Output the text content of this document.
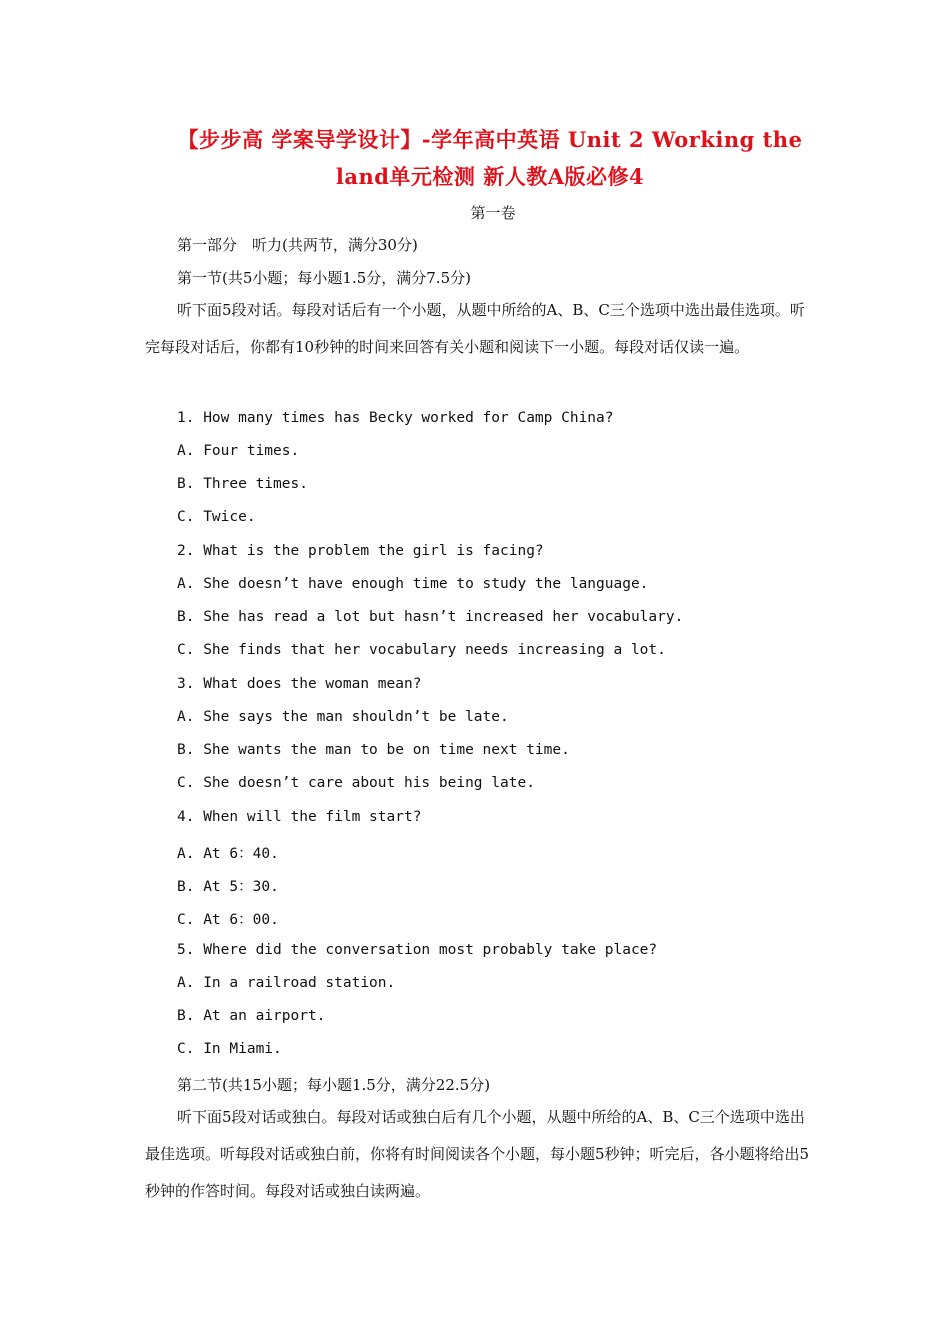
【步步高 学案导学设计】-学年高中英语 Unit 2 Working the
land单元检测 新人教A版必修4
第一卷
第一部分　听力(共两节，满分30分)
第一节(共5小题；每小题1.5分，满分7.5分)
听下面5段对话。每段对话后有一个小题，从题中所给的A、B、C三个选项中选出最佳选项。听完每段对话后，你都有10秒钟的时间来回答有关小题和阅读下一小题。每段对话仅读一遍。
1. How many times has Becky worked for Camp China?
A. Four times.
B. Three times.
C. Twice.
2. What is the problem the girl is facing?
A. She doesn’t have enough time to study the language.
B. She has read a lot but hasn’t increased her vocabulary.
C. She finds that her vocabulary needs increasing a lot.
3. What does the woman mean?
A. She says the man shouldn’t be late.
B. She wants the man to be on time next time.
C. She doesn’t care about his being late.
4. When will the film start?
A. At 6：40.
B. At 5：30.
C. At 6：00.
5. Where did the conversation most probably take place?
A. In a railroad station.
B. At an airport.
C. In Miami.
第二节(共15小题；每小题1.5分，满分22.5分)
听下面5段对话或独白。每段对话或独白后有几个小题，从题中所给的A、B、C三个选项中选出最佳选项。听每段对话或独白前，你将有时间阅读各个小题，每小题5秒钟；听完后，各小题将给出5秒钟的作答时间。每段对话或独白读两遍。
